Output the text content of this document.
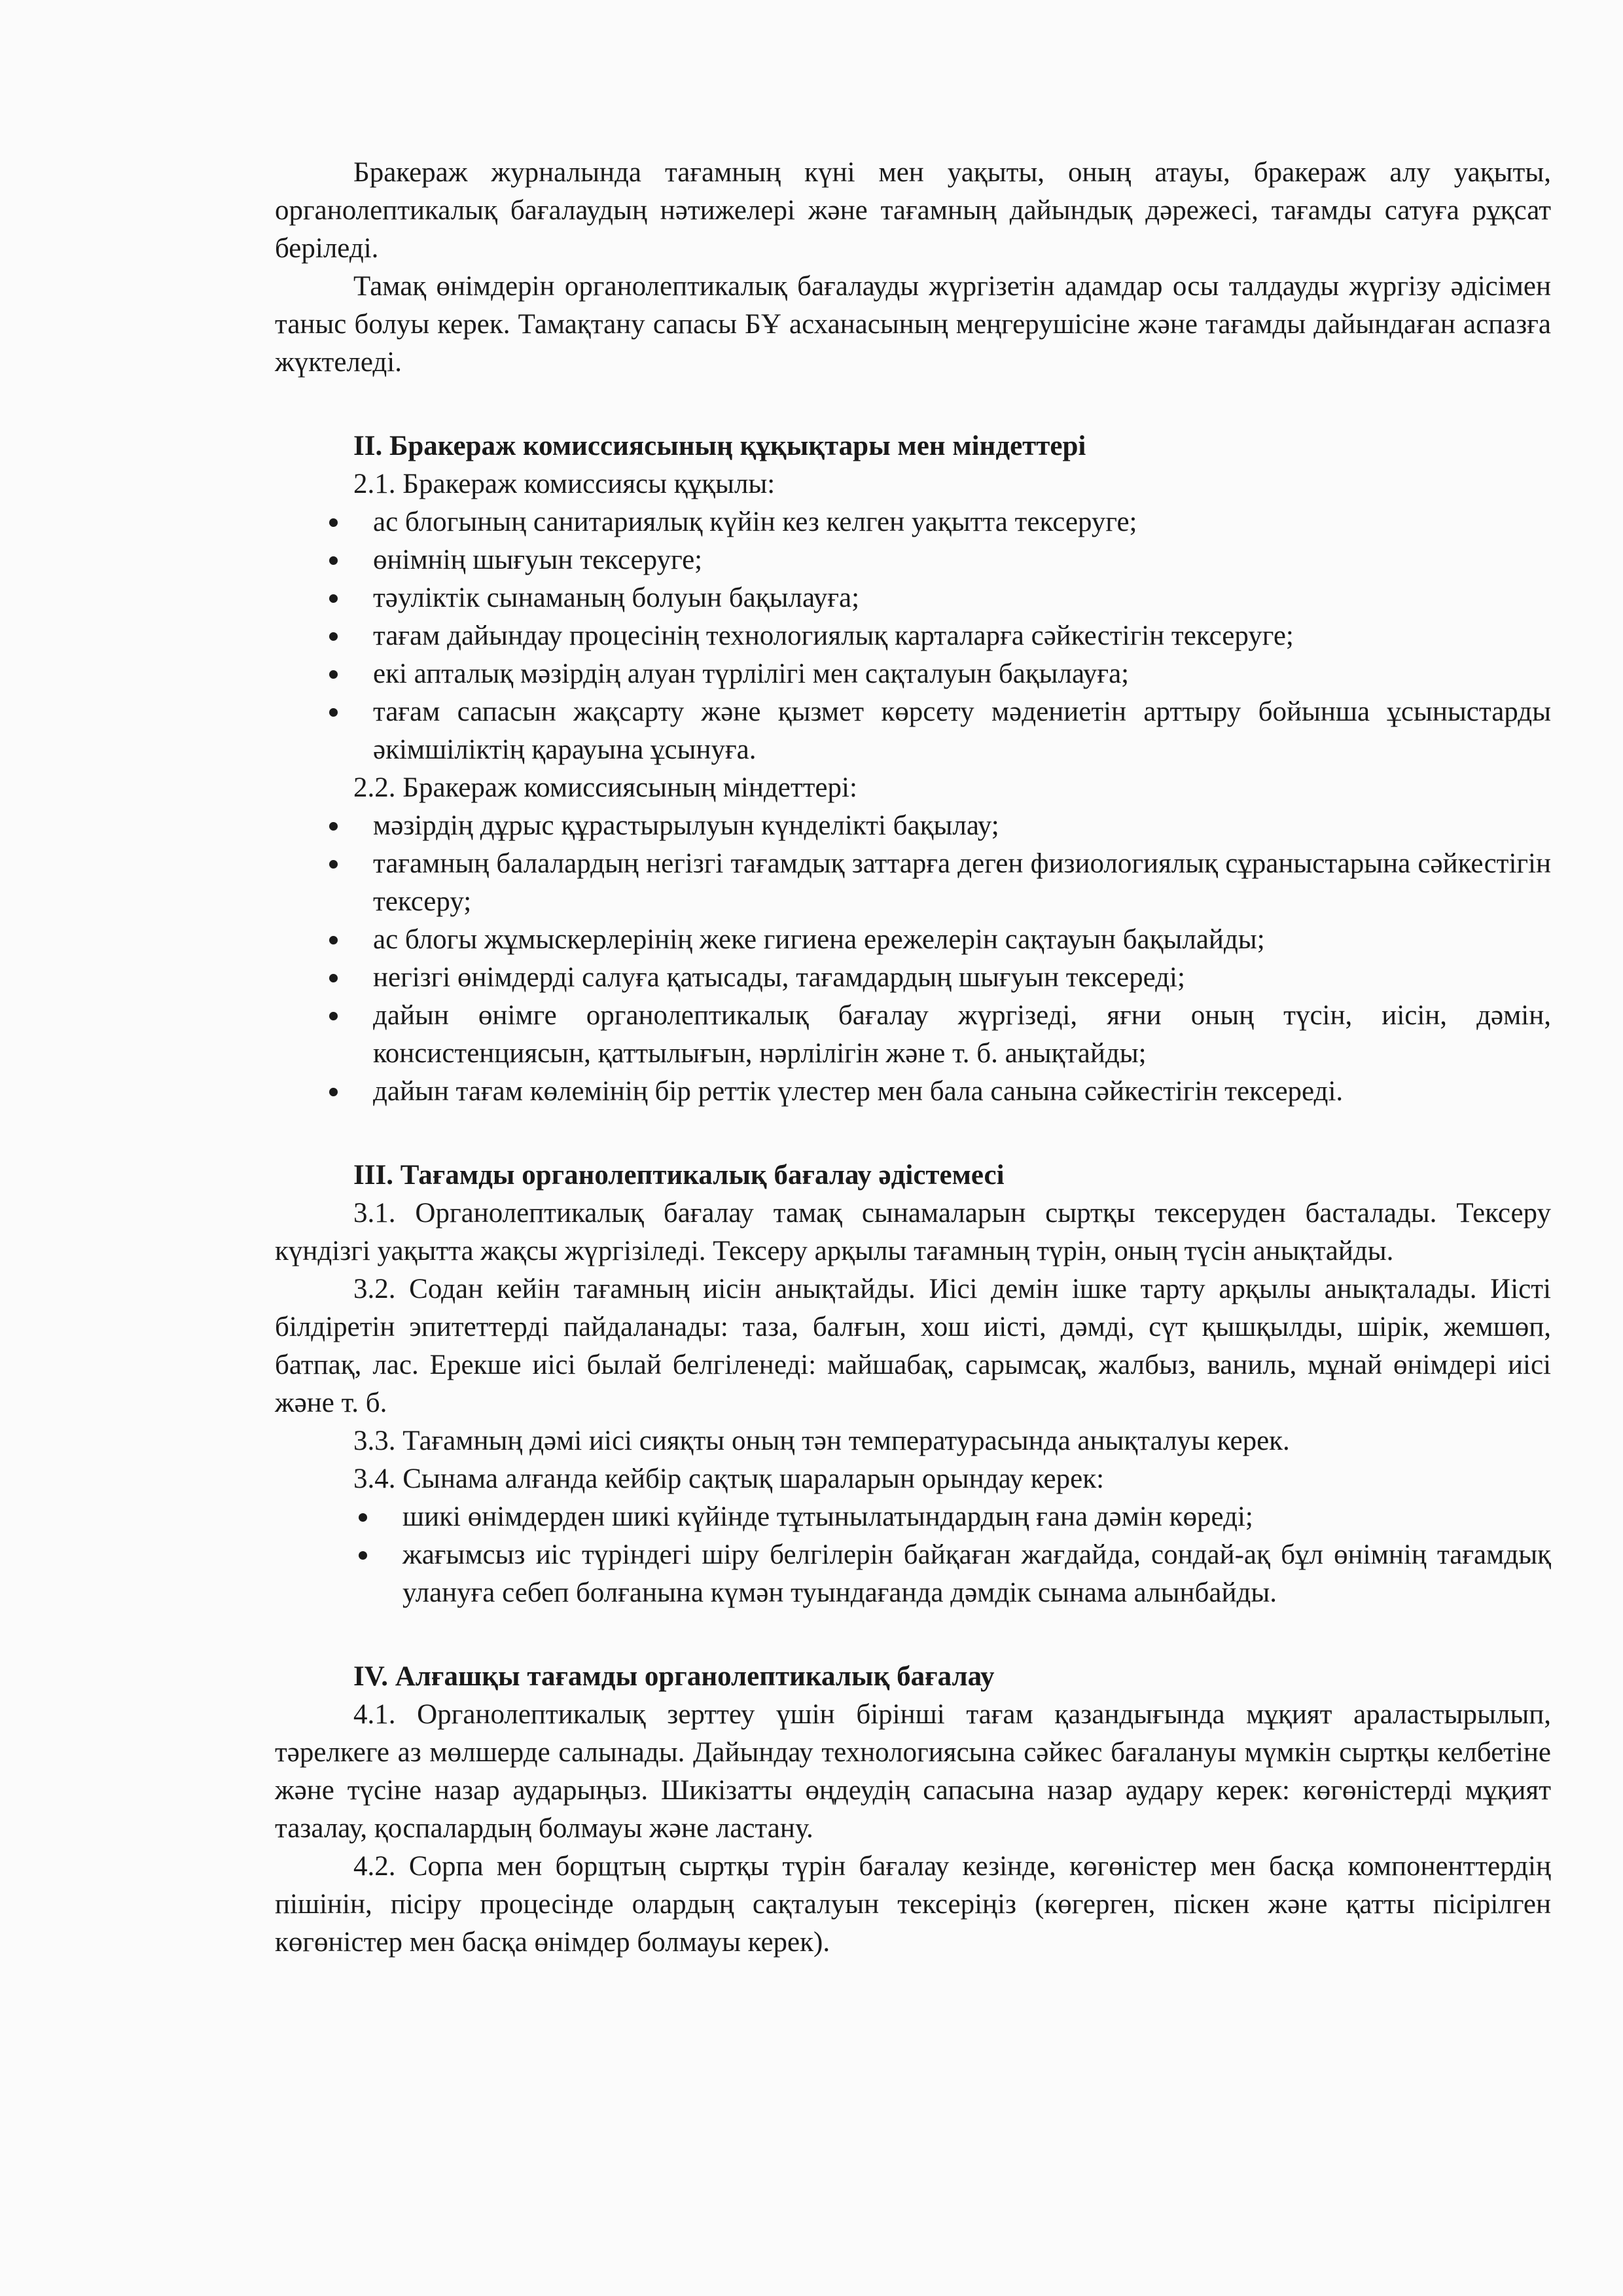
Бракераж журналында тағамның күні мен уақыты, оның атауы, бракераж алу уақыты, органолептикалық бағалаудың нәтижелері және тағамның дайындық дәрежесі, тағамды сатуға рұқсат беріледі.

Тамақ өнімдерін органолептикалық бағалауды жүргізетін адамдар осы талдауды жүргізу әдісімен таныс болуы керек. Тамақтану сапасы БҰ асханасының меңгерушісіне және тағамды дайындаған аспазға жүктеледі.

II. Бракераж комиссиясының құқықтары мен міндеттері
2.1. Бракераж комиссиясы құқылы:
ас блогының санитариялық күйін кез келген уақытта тексеруге;
өнімнің шығуын тексеруге;
тәуліктік сынаманың болуын бақылауға;
тағам дайындау процесінің технологиялық карталарға сәйкестігін тексеруге;
екі апталық мәзірдің алуан түрлілігі мен сақталуын бақылауға;
тағам сапасын жақсарту және қызмет көрсету мәдениетін арттыру бойынша ұсыныстарды әкімшіліктің қарауына ұсынуға.
2.2. Бракераж комиссиясының міндеттері:
мәзірдің дұрыс құрастырылуын күнделікті бақылау;
тағамның балалардың негізгі тағамдық заттарға деген физиологиялық сұраныстарына сәйкестігін тексеру;
ас блогы жұмыскерлерінің жеке гигиена ережелерін сақтауын бақылайды;
негізгі өнімдерді салуға қатысады, тағамдардың шығуын тексереді;
дайын өнімге органолептикалық бағалау жүргізеді, яғни оның түсін, иісін, дәмін, консистенциясын, қаттылығын, нәрлілігін және т. б. анықтайды;
дайын тағам көлемінің бір реттік үлестер мен бала санына сәйкестігін тексереді.
III. Тағамды органолептикалық бағалау әдістемесі

3.1. Органолептикалық бағалау тамақ сынамаларын сыртқы тексеруден басталады. Тексеру күндізгі уақытта жақсы жүргізіледі. Тексеру арқылы тағамның түрін, оның түсін анықтайды.

3.2. Содан кейін тағамның иісін анықтайды. Иісі демін ішке тарту арқылы анықталады. Иісті білдіретін эпитеттерді пайдаланады: таза, балғын, хош иісті, дәмді, сүт қышқылды, шірік, жемшөп, батпақ, лас. Ерекше иісі былай белгіленеді: майшабақ, сарымсақ, жалбыз, ваниль, мұнай өнімдері иісі және т. б.

3.3. Тағамның дәмі иісі сияқты оның тән температурасында анықталуы керек.
3.4. Сынама алғанда кейбір сақтық шараларын орындау керек:
шикі өнімдерден шикі күйінде тұтынылатындардың ғана дәмін көреді;
жағымсыз иіс түріндегі шіру белгілерін байқаған жағдайда, сондай-ақ бұл өнімнің тағамдық улануға себеп болғанына күмән туындағанда дәмдік сынама алынбайды.
IV. Алғашқы тағамды органолептикалық бағалау

4.1. Органолептикалық зерттеу үшін бірінші тағам қазандығында мұқият араластырылып, тәрелкеге аз мөлшерде салынады. Дайындау технологиясына сәйкес бағалануы мүмкін сыртқы келбетіне және түсіне назар аударыңыз. Шикізатты өңдеудің сапасына назар аудару керек: көгөністерді мұқият тазалау, қоспалардың болмауы және ластану.

4.2. Сорпа мен борщтың сыртқы түрін бағалау кезінде, көгөністер мен басқа компоненттердің пішінін, пісіру процесінде олардың сақталуын тексеріңіз (көгерген, піскен және қатты пісірілген көгөністер мен басқа өнімдер болмауы керек).
